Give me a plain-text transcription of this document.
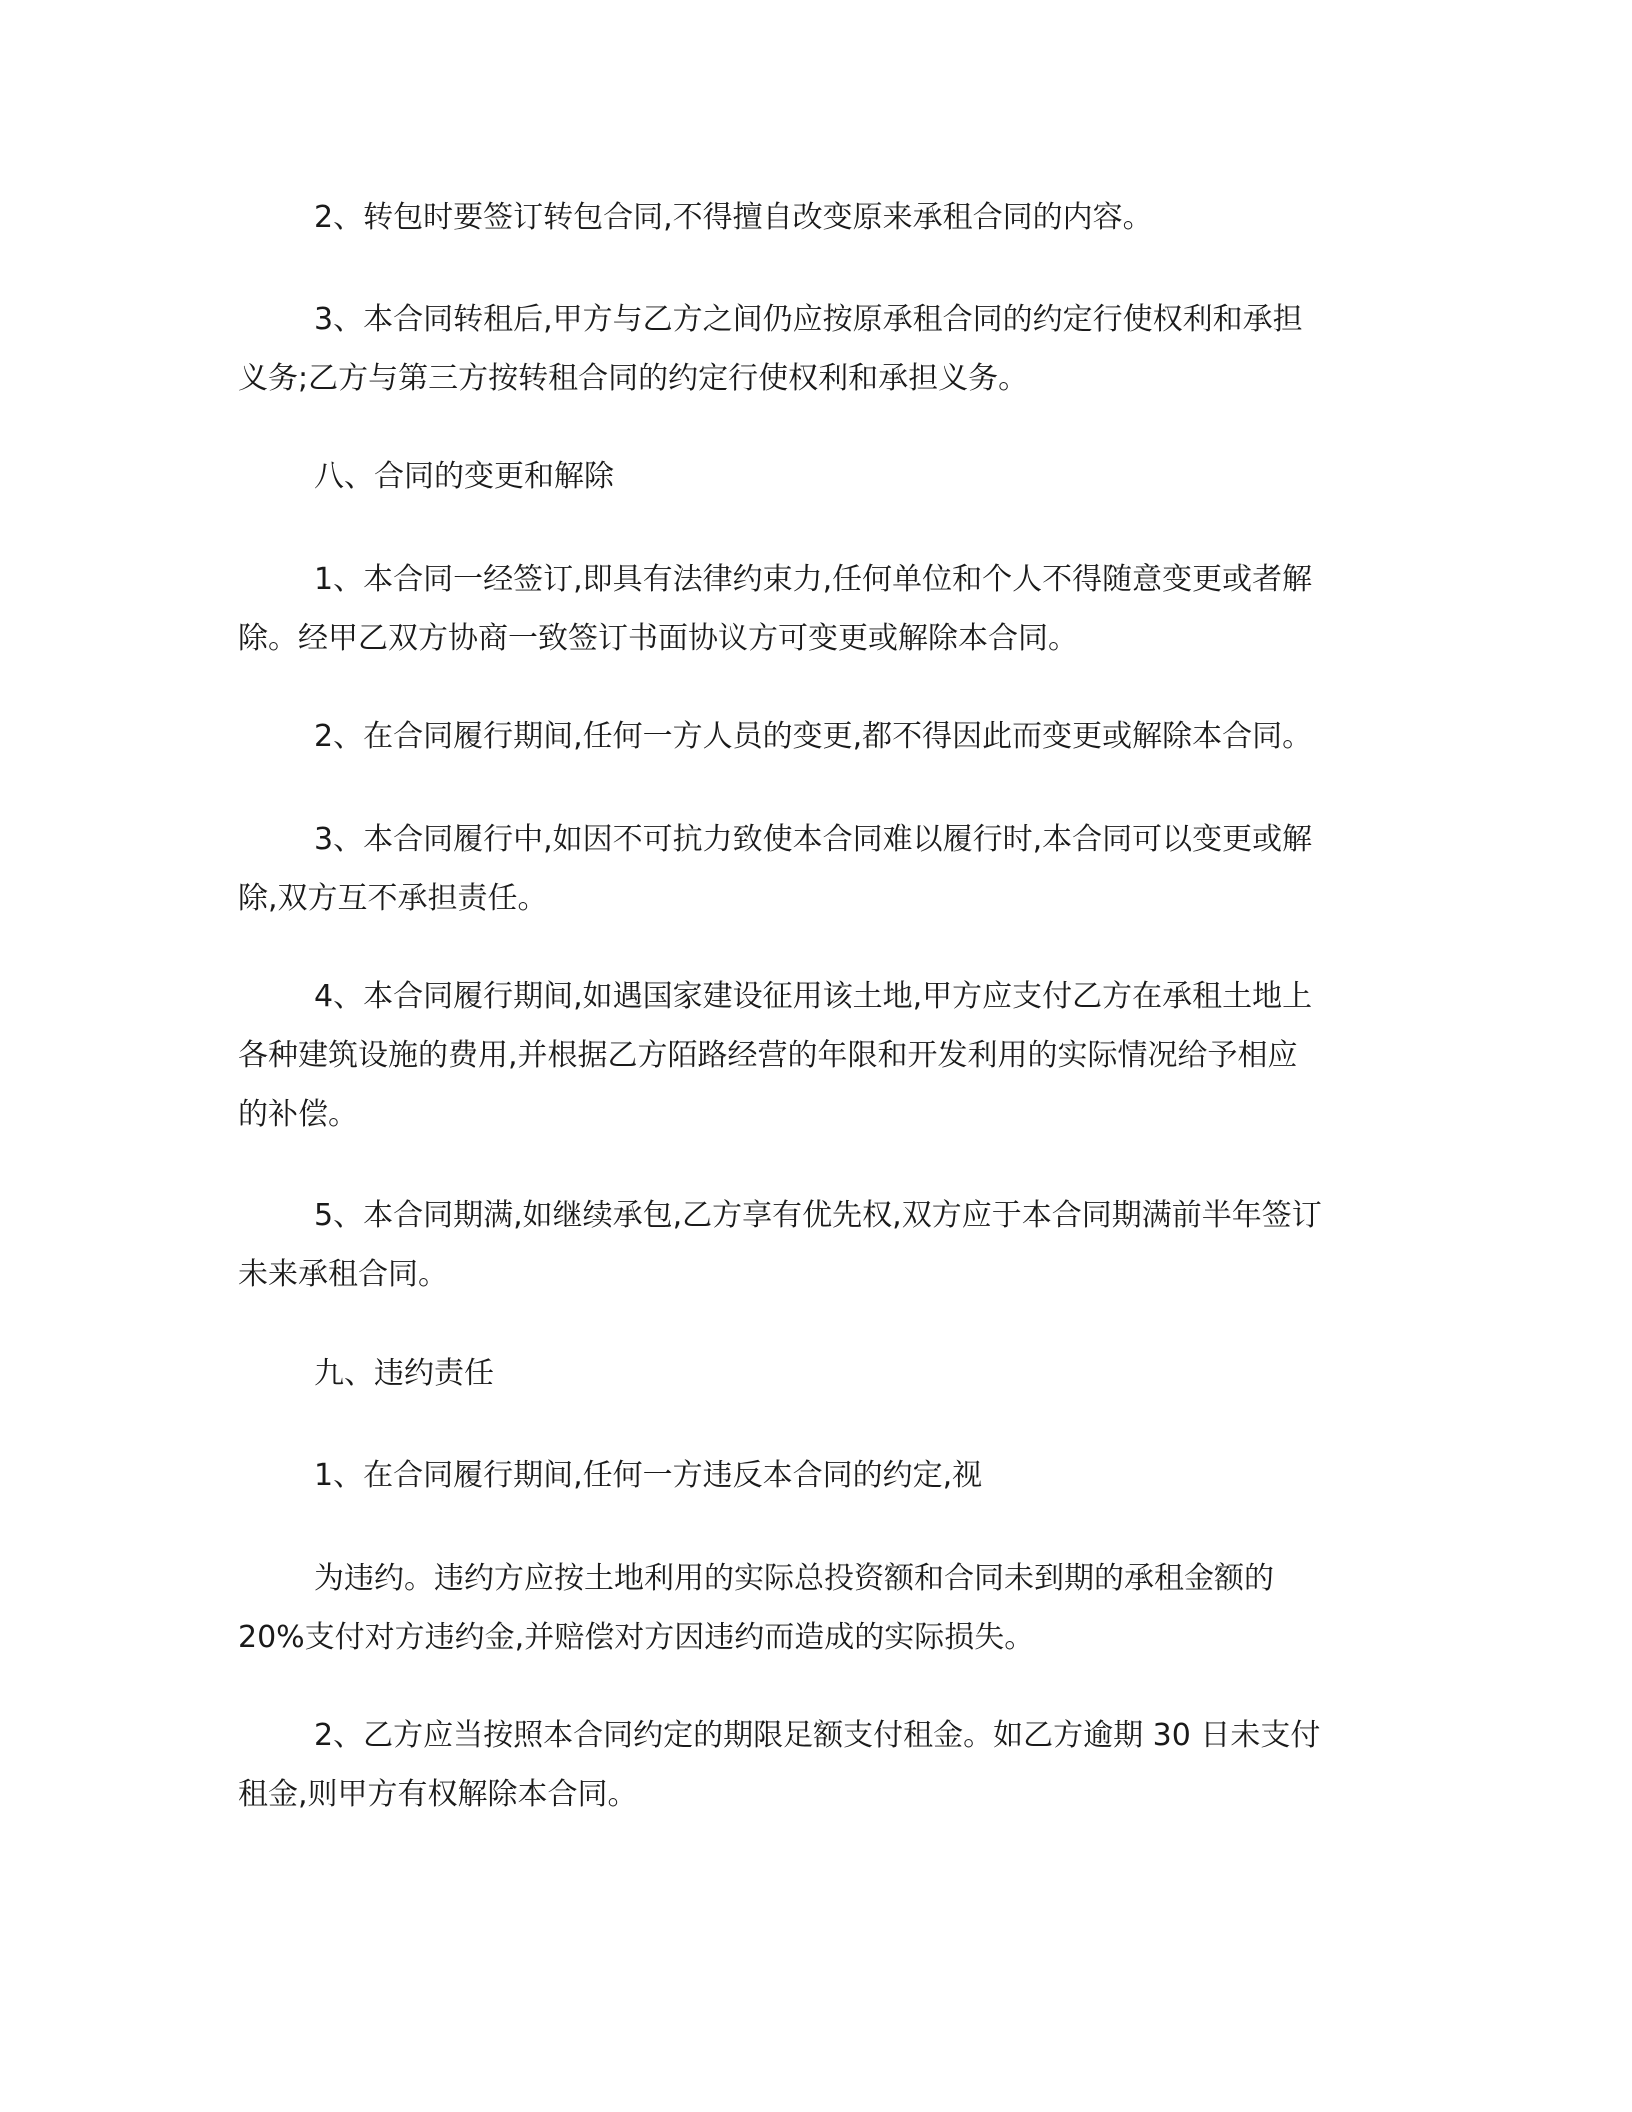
2、转包时要签订转包合同,不得擅自改变原来承租合同的内容。

3、本合同转租后,甲方与乙方之间仍应按原承租合同的约定行使权利和承担
义务;乙方与第三方按转租合同的约定行使权利和承担义务。

八、合同的变更和解除

1、本合同一经签订,即具有法律约束力,任何单位和个人不得随意变更或者解
除。经甲乙双方协商一致签订书面协议方可变更或解除本合同。

2、在合同履行期间,任何一方人员的变更,都不得因此而变更或解除本合同。

3、本合同履行中,如因不可抗力致使本合同难以履行时,本合同可以变更或解
除,双方互不承担责任。

4、本合同履行期间,如遇国家建设征用该土地,甲方应支付乙方在承租土地上
各种建筑设施的费用,并根据乙方陌路经营的年限和开发利用的实际情况给予相应
的补偿。

5、本合同期满,如继续承包,乙方享有优先权,双方应于本合同期满前半年签订
未来承租合同。

九、违约责任

1、在合同履行期间,任何一方违反本合同的约定,视

为违约。违约方应按土地利用的实际总投资额和合同未到期的承租金额的
20%支付对方违约金,并赔偿对方因违约而造成的实际损失。

2、乙方应当按照本合同约定的期限足额支付租金。如乙方逾期 30 日未支付
租金,则甲方有权解除本合同。
